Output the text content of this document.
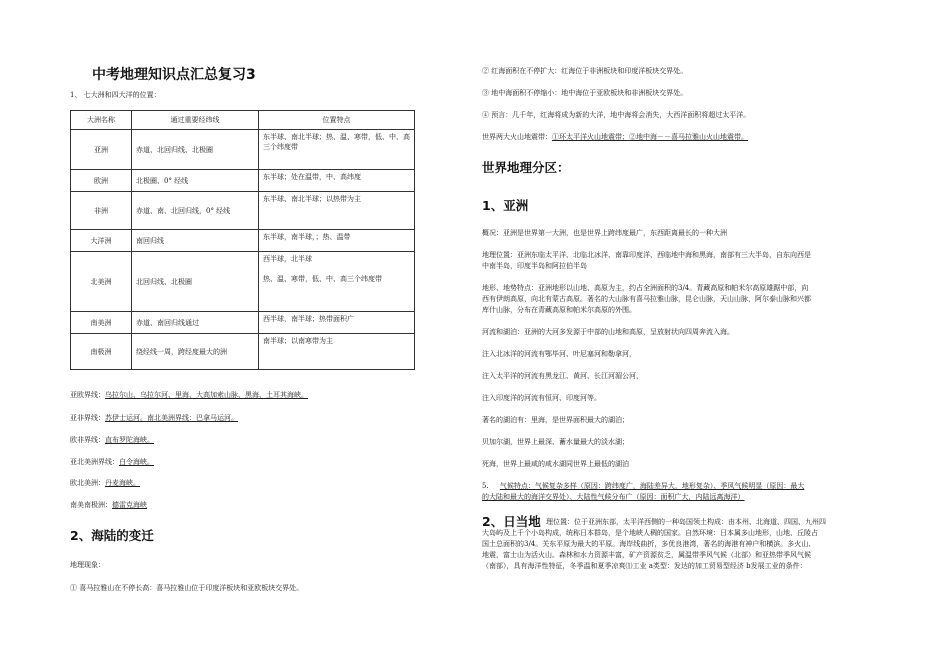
中考地理知识点汇总复习3
1、 七大洲和四大洋的位置：
大洲名称	通过重要经纬线	位置特点
亚洲	赤道、北回归线、北极圈	东半球、南北半球；热、温、寒带，低、中、高三个纬度带
欧洲	北极圈、0° 经线	东半球；处在温带，中、高纬度
非洲	赤道、南、北回归线，0° 经线	东半球、南北半球；以热带为主
大洋洲	南回归线	东半球，南半球，；热、温带
北美洲	北回归线、北极圈	西半球，北半球
热、温、寒带，低、中、高三个纬度带

南美洲	赤道、南回归线通过	西半球，南半球；热带面积广
南极洲	绕经线一周，跨经度最大的洲	南半球；以南寒带为主
亚欧界线：乌拉尔山、乌拉尔河、里海、大高加索山脉、黑海、土耳其海峡。
亚非界线：苏伊士运河。南北美洲界线：巴拿马运河。
欧非界线：直布罗陀海峡。
亚北美洲界线：白令海峡。
欧北美洲：丹麦海峡。
南美南极洲：德雷克海峡
2、海陆的变迁
地理现象：
① 喜马拉雅山在不停长高：喜马拉雅山位于印度洋板块和亚欧板块交界处。
② 红海面积在不停扩大：红海位于非洲板块和印度洋板块交界处。
③ 地中海面积不停缩小：地中海位于亚欧板块和非洲板块交界处。
④ 预言：几千年，红海将成为新的大洋，地中海将会消失，大西洋面积将超过太平洋。
世界两大火山地震带：①环太平洋火山地震带；②地中海－－喜马拉雅山火山地震带。
世界地理分区：
1、亚洲
概况：亚洲是世界第一大洲，也是世界上跨纬度最广，东西距离最长的一种大洲
地理位置：亚洲东临太平洋、北临北冰洋、南靠印度洋、西临地中海和黑海，南部有三大半岛，自东向西是
中南半岛，印度半岛和阿拉伯半岛
地形、地势特点：亚洲地形以山地、高原为主，约占全洲面积的3/4。青藏高原和帕米尔高原雄踞中部，向
西有伊朗高原，向北有蒙古高原。著名的大山脉有喜马拉雅山脉，昆仑山脉，天山山脉，阿尔泰山脉和兴都
库什山脉，分布在青藏高原和帕米尔高原的外围。
河流和湖泊：亚洲的大河多发源于中部的山地和高原，呈放射状向四周奔流入海。
注入北冰洋的河流有鄂毕河、叶尼塞河和勒拿河，
注入太平洋的河流有黑龙江、黄河、长江河湄公河，
注入印度洋的河流有恒河、印度河等。
著名的湖泊有：里海，是世界面积最大的湖泊；
贝加尔湖，世界上最深、蓄水量最大的淡水湖；
死海，世界上最咸的咸水湖同世界上最低的湖泊
5. 气候特点：气候复杂多样（原因：跨纬度广，海陆差异大，地形复杂）、季风气候明显（原因：最大
的大陆和最大的海洋交界处）、大陆性气候分布广（原因：面积广大，内陆远离海洋）
2、日当地 理位置：位于亚洲东部，太平洋西侧的一种岛国领土构成：由本州、北海道、四国、九州四
大岛屿及上千个小岛构成，统称日本群岛，是个地峡人稠的国家。自然环境：日本属多山地形，山地、丘陵占
国土总面积的3/4。关东平原为最大的平原。海岸线曲折，多优良港湾，著名的海港有神户和横滨。多火山、
地震，富士山为活火山。森林和水力资源丰富，矿产资源贫乏，属温带季风气候（北部）和亚热带季风气候
（南部），具有海洋性特征，冬季温和夏季凉爽⑴工业 a类型：发达的加工贸易型经济 b发展工业的条件：
